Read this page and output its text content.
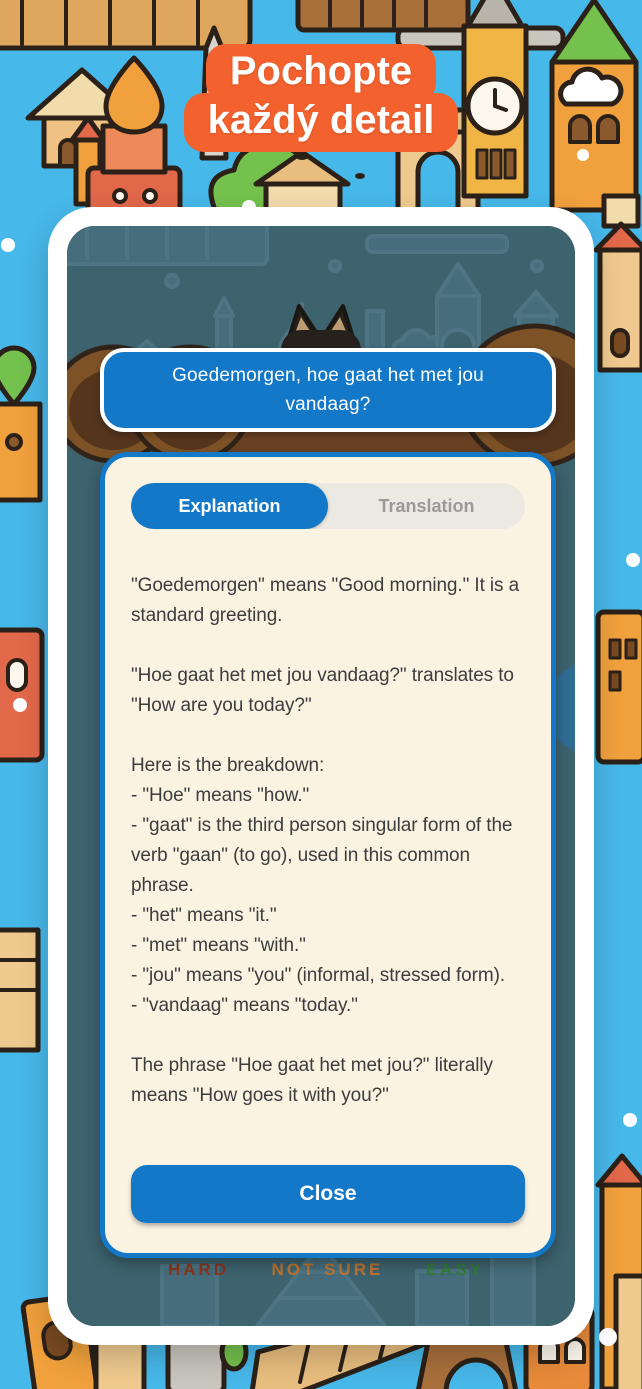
Pochopte
každý detail
HARD NOT SURE EASY
Goedemorgen, hoe gaat het met jou vandaag?
Explanation	Translation
"Goedemorgen" means "Good morning." It is a standard greeting.
"Hoe gaat het met jou vandaag?" translates to "How are you today?"
Here is the breakdown:
- "Hoe" means "how."
- "gaat" is the third person singular form of the verb "gaan" (to go), used in this common phrase.
- "het" means "it."
- "met" means "with."
- "jou" means "you" (informal, stressed form).
- "vandaag" means "today."
The phrase "Hoe gaat het met jou?" literally means "How goes it with you?"
Close
